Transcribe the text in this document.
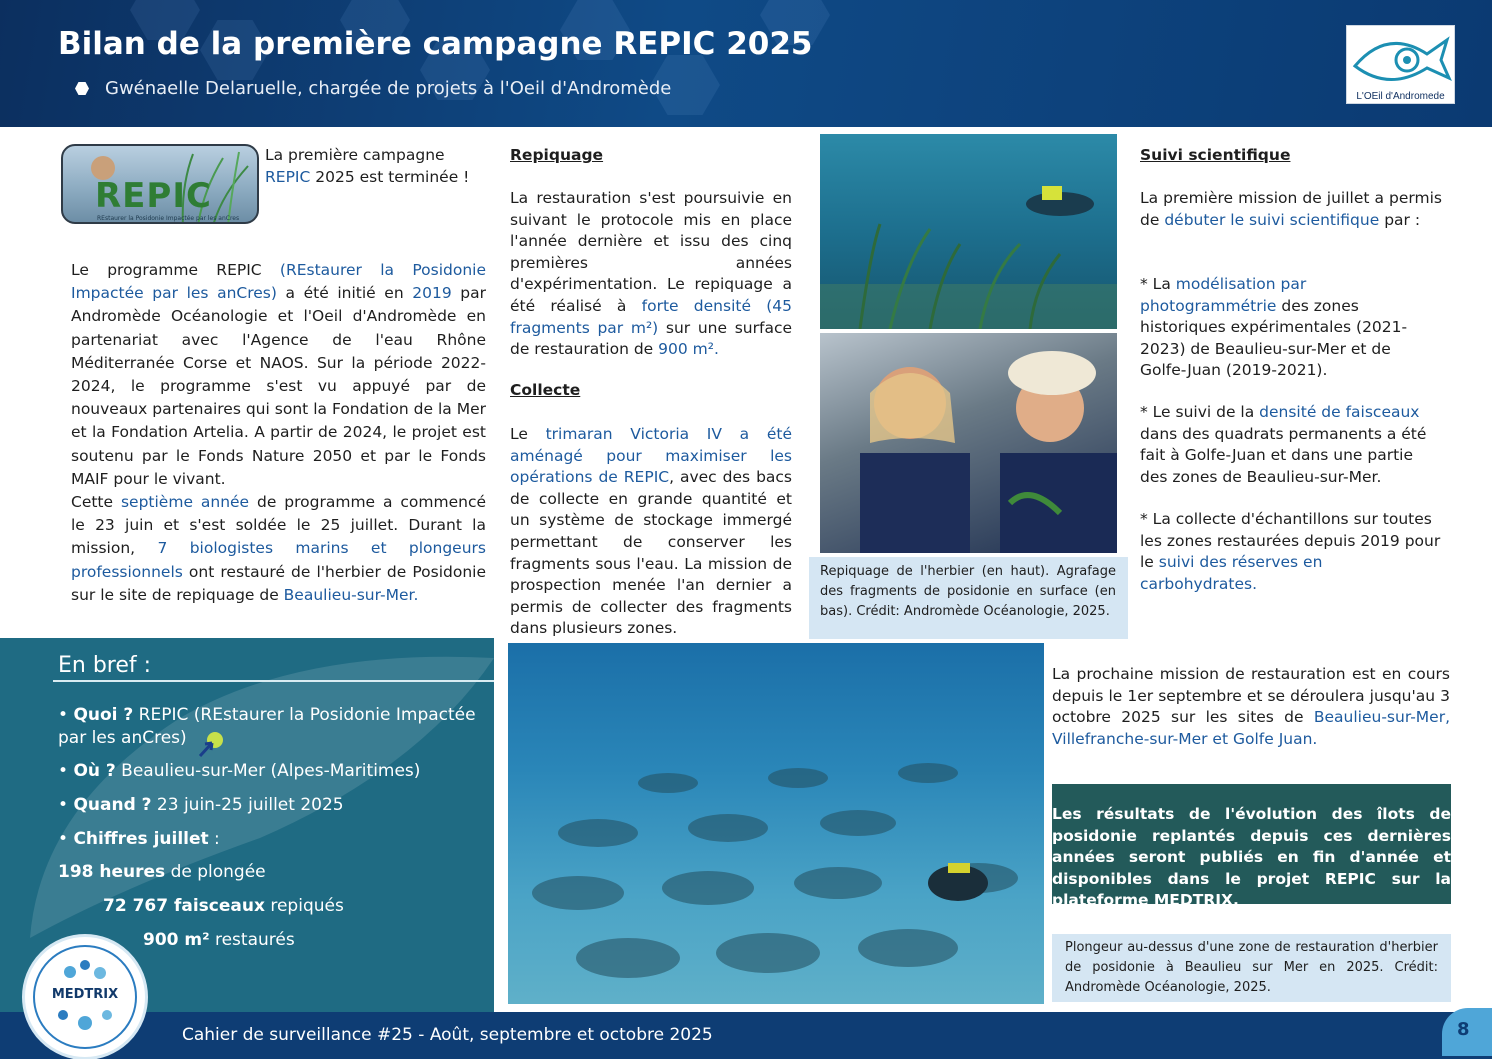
Bilan de la première campagne REPIC 2025
Gwénaelle Delaruelle, chargée de projets à l'Oeil d'Andromède	L'OEil d'Andromede
REPIC
REstaurer la Posidonie Impactée par les anCres
La première campagne
REPIC 2025 est terminée !
Le programme REPIC (REstaurer la Posidonie Impactée par les anCres) a été initié en 2019 par Andromède Océanologie et l'Oeil d'Andromède en partenariat avec l'Agence de l'eau Rhône Méditerranée Corse et NAOS. Sur la période 2022-2024, le programme s'est vu appuyé par de nouveaux partenaires qui sont la Fondation de la Mer et la Fondation Artelia. A partir de 2024, le projet est soutenu par le Fonds Nature 2050 et par le Fonds MAIF pour le vivant.
Cette septième année de programme a commencé le 23 juin et s'est soldée le 25 juillet. Durant la mission, 7 biologistes marins et plongeurs professionnels ont restauré de l'herbier de Posidonie sur le site de repiquage de Beaulieu-sur-Mer.
Repiquage
La restauration s'est poursuivie en suivant le protocole mis en place l'année dernière et issu des cinq premières années d'expérimentation. Le repiquage a été réalisé à forte densité (45 fragments par m²) sur une surface de restauration de 900 m².
Collecte
Le trimaran Victoria IV a été aménagé pour maximiser les opérations de REPIC, avec des bacs de collecte en grande quantité et un système de stockage immergé permettant de conserver les fragments sous l'eau. La mission de prospection menée l'an dernier a permis de collecter des fragments dans plusieurs zones.
Repiquage de l'herbier (en haut). Agrafage des fragments de posidonie en surface (en bas). Crédit: Andromède Océanologie, 2025.
Suivi scientifique
La première mission de juillet a permis de débuter le suivi scientifique par :
* La modélisation par photogrammétrie des zones historiques expérimentales (2021-2023) de Beaulieu-sur-Mer et de Golfe-Juan (2019-2021).
* Le suivi de la densité de faisceaux dans des quadrats permanents a été fait à Golfe-Juan et dans une partie des zones de Beaulieu-sur-Mer.
* La collecte d'échantillons sur toutes les zones restaurées depuis 2019 pour le suivi des réserves en carbohydrates.
La prochaine mission de restauration est en cours depuis le 1er septembre et se déroulera jusqu'au 3 octobre 2025 sur les sites de Beaulieu-sur-Mer, Villefranche-sur-Mer et Golfe Juan.

Les résultats de l'évolution des îlots de posidonie replantés depuis ces dernières années seront publiés en fin d'année et disponibles dans le projet REPIC sur la plateforme MEDTRIX.

Plongeur au-dessus d'une zone de restauration d'herbier de posidonie à Beaulieu sur Mer en 2025. Crédit: Andromède Océanologie, 2025.
En bref :
• Quoi ? REPIC (REstaurer la Posidonie Impactée par les anCres)
• Où ? Beaulieu-sur-Mer (Alpes-Maritimes)
• Quand ? 23 juin-25 juillet 2025
• Chiffres juillet :
198 heures de plongée
72 767 faisceaux repiqués
900 m² restaurés
Cahier de surveillance #25 - Août, septembre et octobre 2025	8
MEDTRIX
